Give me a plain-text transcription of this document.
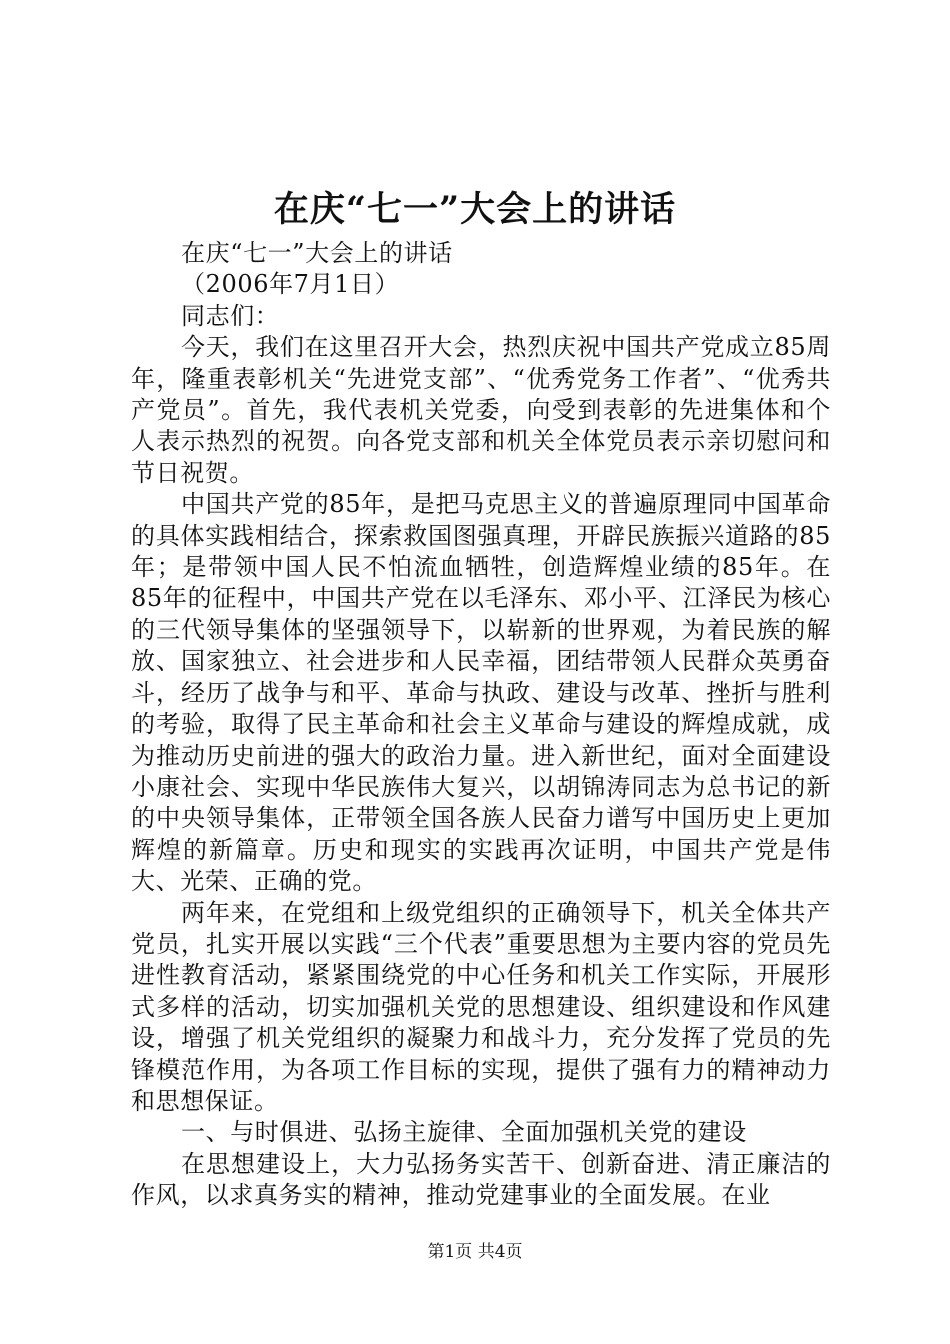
在庆“七一”大会上的讲话

在庆“七一”大会上的讲话

（2006年7月1日）

同志们：

今天，我们在这里召开大会，热烈庆祝中国共产党成立85周年，隆重表彰机关“先进党支部”、“优秀党务工作者”、“优秀共产党员”。首先，我代表机关党委，向受到表彰的先进集体和个人表示热烈的祝贺。向各党支部和机关全体党员表示亲切慰问和节日祝贺。

中国共产党的85年，是把马克思主义的普遍原理同中国革命的具体实践相结合，探索救国图强真理，开辟民族振兴道路的85年；是带领中国人民不怕流血牺牲，创造辉煌业绩的85年。在85年的征程中，中国共产党在以毛泽东、邓小平、江泽民为核心的三代领导集体的坚强领导下，以崭新的世界观，为着民族的解放、国家独立、社会进步和人民幸福，团结带领人民群众英勇奋斗，经历了战争与和平、革命与执政、建设与改革、挫折与胜利的考验，取得了民主革命和社会主义革命与建设的辉煌成就，成为推动历史前进的强大的政治力量。进入新世纪，面对全面建设小康社会、实现中华民族伟大复兴，以胡锦涛同志为总书记的新的中央领导集体，正带领全国各族人民奋力谱写中国历史上更加辉煌的新篇章。历史和现实的实践再次证明，中国共产党是伟大、光荣、正确的党。

两年来，在党组和上级党组织的正确领导下，机关全体共产党员，扎实开展以实践“三个代表”重要思想为主要内容的党员先进性教育活动，紧紧围绕党的中心任务和机关工作实际，开展形式多样的活动，切实加强机关党的思想建设、组织建设和作风建设，增强了机关党组织的凝聚力和战斗力，充分发挥了党员的先锋模范作用，为各项工作目标的实现，提供了强有力的精神动力和思想保证。

一、与时俱进、弘扬主旋律、全面加强机关党的建设

在思想建设上，大力弘扬务实苦干、创新奋进、清正廉洁的作风，以求真务实的精神，推动党建事业的全面发展。在业

第1页 共4页
